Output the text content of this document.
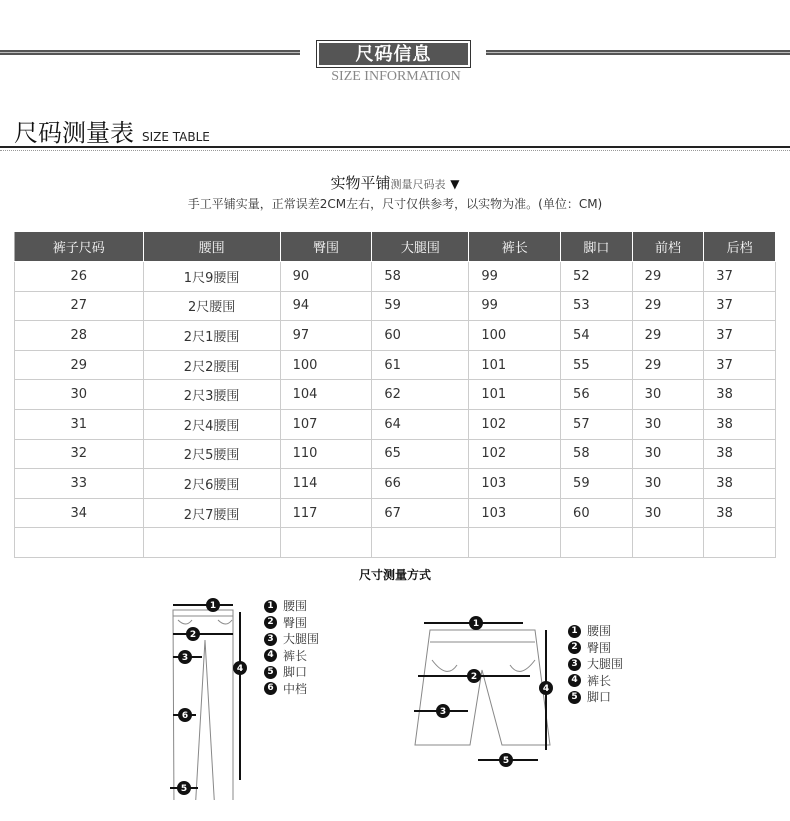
尺码信息
SIZE INFORMATION
尺码测量表 SIZE TABLE
实物平铺测量尺码表 ▼
手工平铺实量，正常误差2CM左右，尺寸仅供参考，以实物为准。(单位：CM)
裤子尺码	腰围	臀围	大腿围	裤长	脚口	前档	后档
26	1尺9腰围	90	58	99	52	29	37
27	2尺腰围	94	59	99	53	29	37
28	2尺1腰围	97	60	100	54	29	37
29	2尺2腰围	100	61	101	55	29	37
30	2尺3腰围	104	62	101	56	30	38
31	2尺4腰围	107	64	102	57	30	38
32	2尺5腰围	110	65	102	58	30	38
33	2尺6腰围	114	66	103	59	30	38
34	2尺7腰围	117	67	103	60	30	38

尺寸测量方式
1
2
3
4
6
5
1 腰围
2 臀围
3 大腿围
4 裤长
5 脚口
6 中档
1
2
3
4
5
1 腰围
2 臀围
3 大腿围
4 裤长
5 脚口
